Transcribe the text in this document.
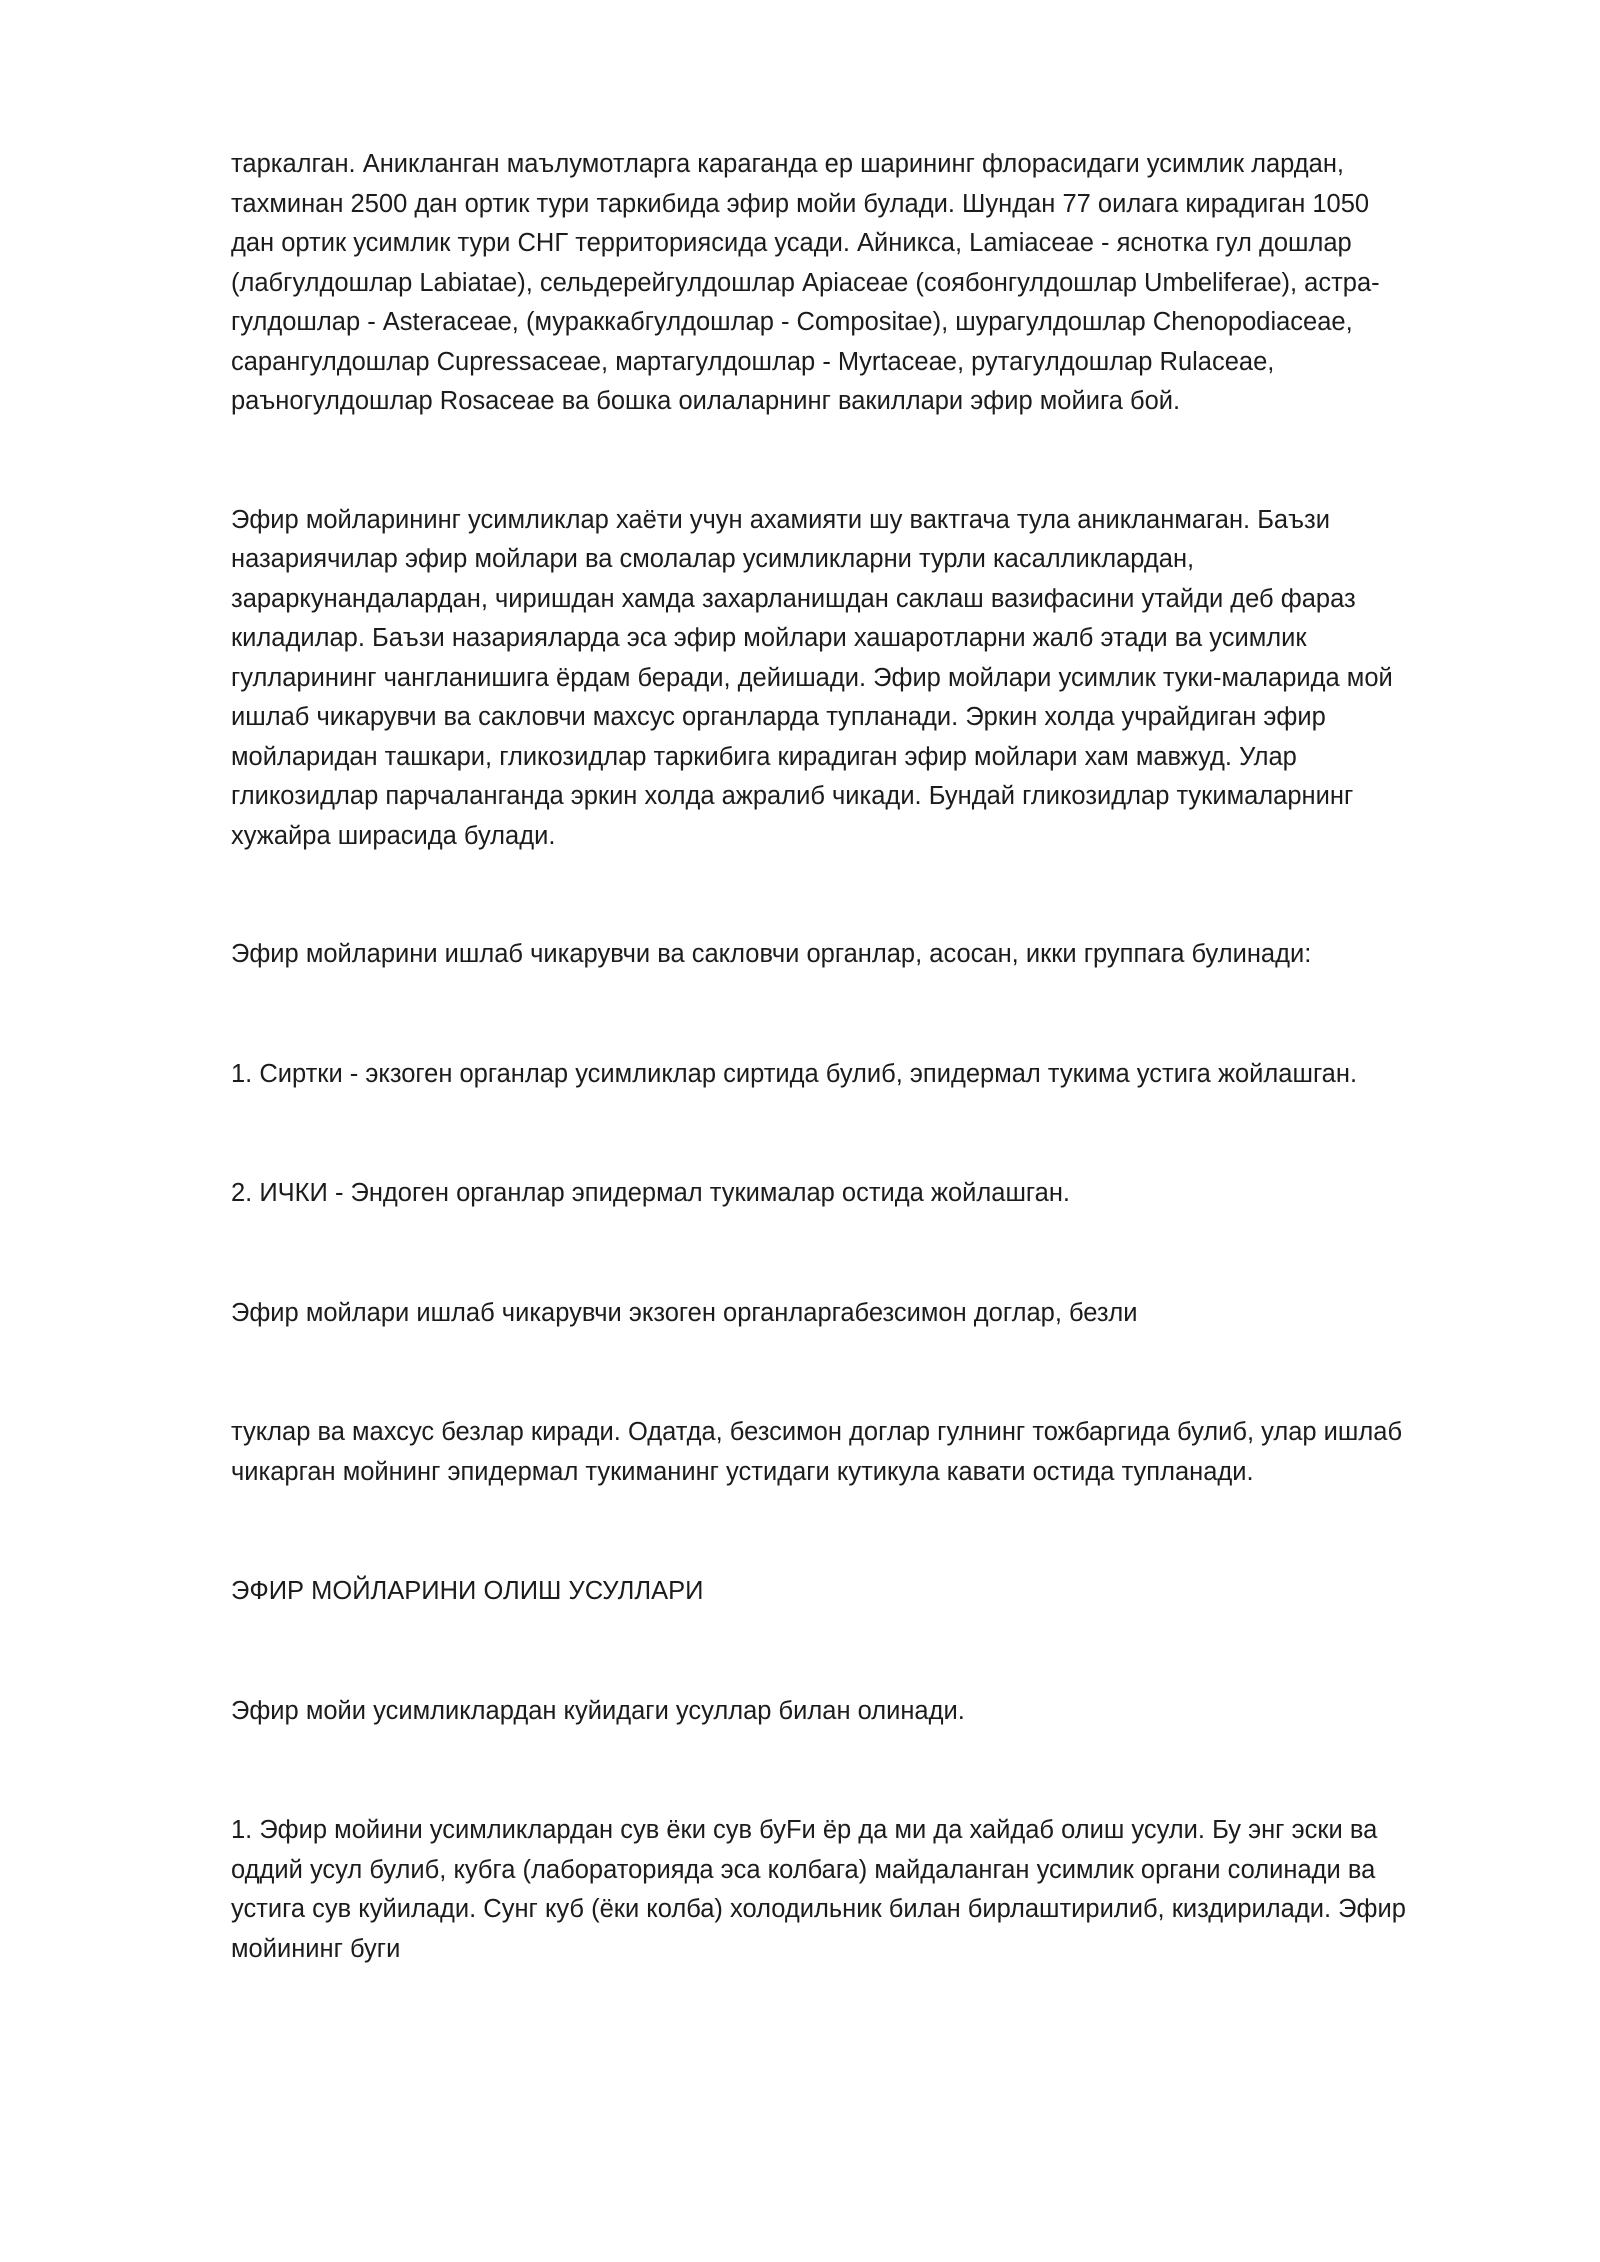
таркалган. Аникланган маълумотларга караганда ер шарининг флорасидаги усимлик лардан,
тахминан 2500 дан ортик тури таркибида эфир мойи булади. Шундан 77 оилага кирадиган 1050
дан ортик усимлик тури СНГ территориясида усади. Айникса, Lamiaceae - яснотка гул дошлар
(лабгулдошлар Labiatae), сельдерейгулдошлар Apiaceae (соябонгулдошлар Umbeliferae), астра-
гулдошлар - Asteraceae, (мураккабгулдошлар - Compositae), шурагулдошлар Chenopodiaceae,
сарангулдошлар Cupressaceae, мартагулдошлар - Myrtaceae, рутагулдошлар Rulaceae,
раъногулдошлар Rosaceae ва бошка оилаларнинг вакиллари эфир мойига бой.

Эфир мойларининг усимликлар хаёти учун ахамияти шу вактгача тула аникланмаган. Баъзи
назариячилар эфир мойлари ва смолалар усимликларни турли касалликлардан,
зараркунандалардан, чиришдан хамда захарланишдан саклаш вазифасини утайди деб фараз
киладилар. Баъзи назарияларда эса эфир мойлари хашаротларни жалб этади ва усимлик
гулларининг чангланишига ёрдам беради, дейишади. Эфир мойлари усимлик туки-маларида мой
ишлаб чикарувчи ва сакловчи махсус органларда тупланади. Эркин холда учрайдиган эфир
мойларидан ташкари, гликозидлар таркибига кирадиган эфир мойлари хам мавжуд. Улар
гликозидлар парчаланганда эркин холда ажралиб чикади. Бундай гликозидлар тукималарнинг
хужайра ширасида булади.

Эфир мойларини ишлаб чикарувчи ва сакловчи органлар, асосан, икки группага булинади:

1. Сиртки - экзоген органлар усимликлар сиртида булиб, эпидермал тукима устига жойлашган.

2. ИЧКИ - Эндоген органлар эпидермал тукималар остида жойлашган.

Эфир мойлари ишлаб чикарувчи экзоген органларгабезсимон доглар, безли

туклар ва махсус безлар киради. Одатда, безсимон доглар гулнинг тожбаргида булиб, улар ишлаб
чикарган мойнинг эпидермал тукиманинг устидаги кутикула кавати остида тупланади.

ЭФИР МОЙЛАРИНИ ОЛИШ УСУЛЛАРИ

Эфир мойи усимликлардан куйидаги усуллар билан олинади.

1. Эфир мойини усимликлардан сув ёки сув буFи ёр да ми да хайдаб олиш усули. Бу энг эски ва
оддий усул булиб, кубга (лабораторияда эса колбага) майдаланган усимлик органи солинади ва
устига сув куйилади. Сунг куб (ёки колба) холодильник билан бирлаштирилиб, киздирилади. Эфир
мойининг буги
